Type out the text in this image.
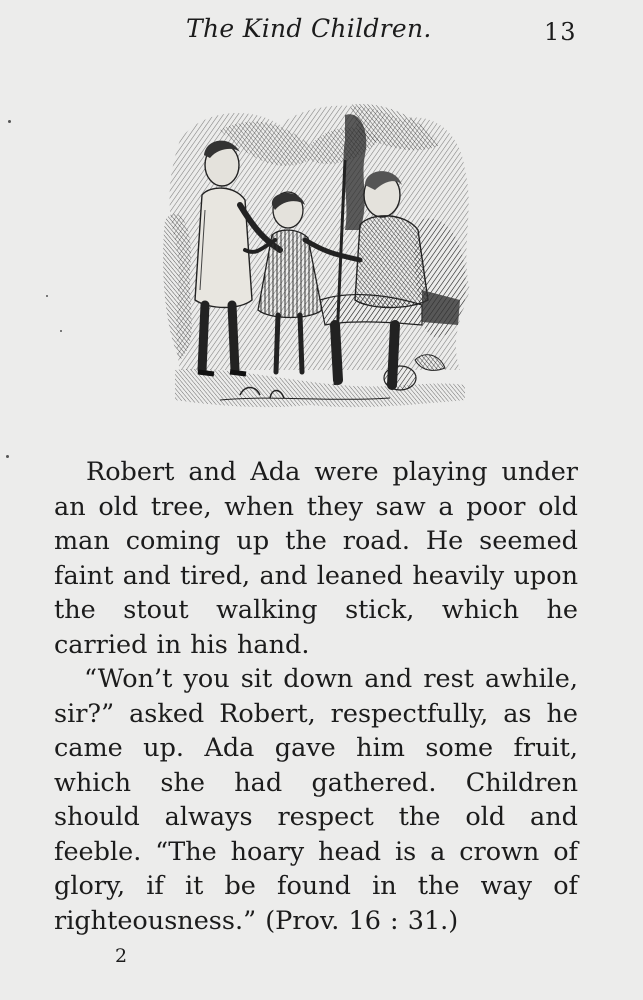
The Kind Children.	13

Robert and Ada were playing under an old tree, when they saw a poor old man coming up the road. He seemed faint and tired, and leaned heavily upon the stout walking stick, which he carried in his hand.

“Won’t you sit down and rest awhile, sir?” asked Robert, respectfully, as he came up. Ada gave him some fruit, which she had gathered. Children should always respect the old and feeble. “The hoary head is a crown of glory, if it be found in the way of righteousness.” (Prov. 16 : 31.)

2
